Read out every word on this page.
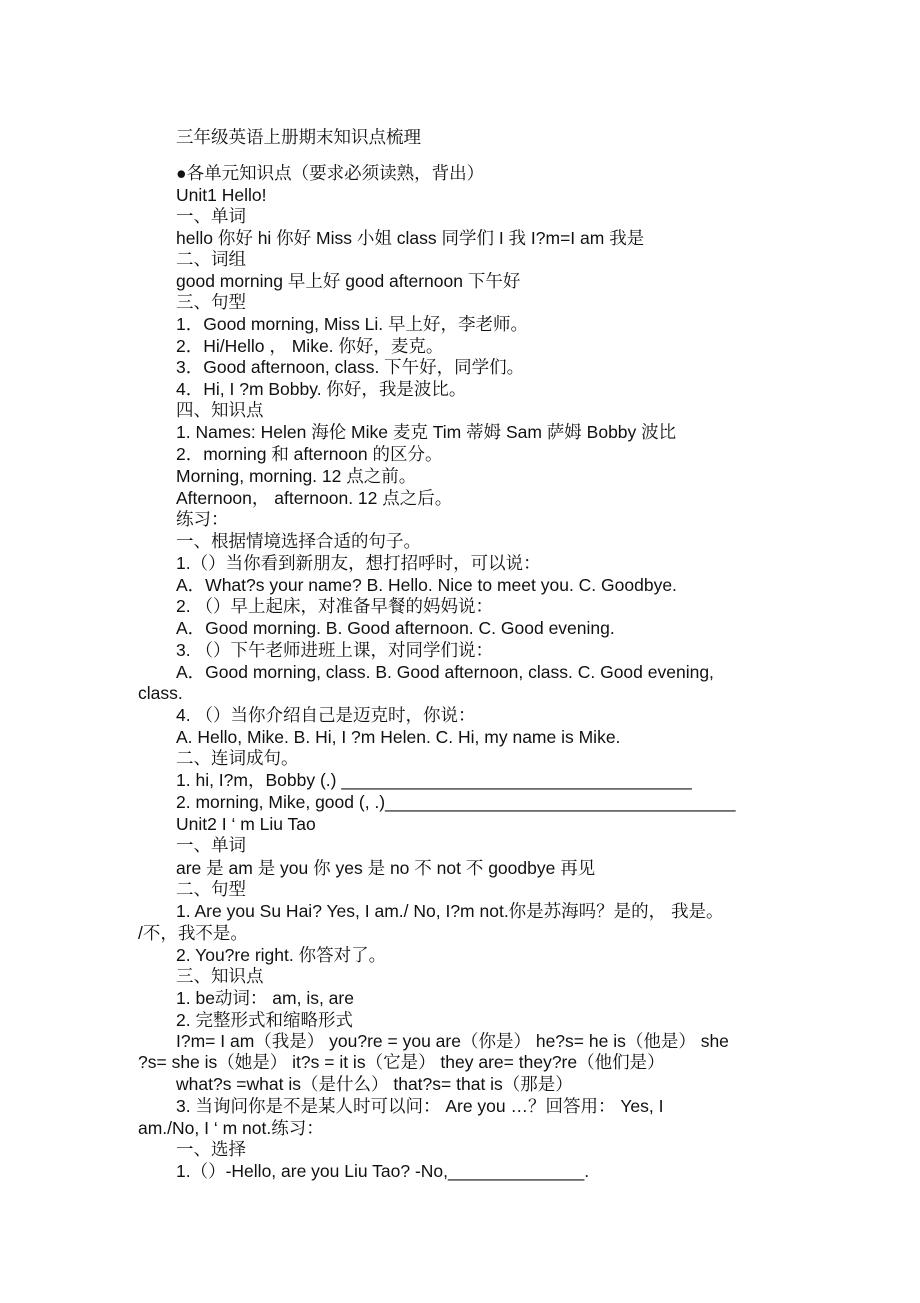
三年级英语上册期末知识点梳理
●各单元知识点（要求必须读熟，背出）
Unit1 Hello!
一、单词
hello 你好 hi 你好 Miss 小姐 class 同学们 I 我 I?m=I am 我是
二、词组
good morning 早上好 good afternoon 下午好
三、句型
1．Good morning, Miss Li. 早上好，李老师。
2．Hi/Hello ， Mike. 你好，麦克。
3．Good afternoon, class. 下午好，同学们。
4．Hi, I ?m Bobby. 你好，我是波比。
四、知识点
1. Names: Helen 海伦 Mike 麦克 Tim 蒂姆 Sam 萨姆 Bobby 波比
2．morning 和 afternoon 的区分。
Morning, morning. 12 点之前。
Afternoon， afternoon. 12 点之后。
练习：
一、根据情境选择合适的句子。
1.（）当你看到新朋友，想打招呼时，可以说：
A．What?s your name? B. Hello. Nice to meet you. C. Goodbye.
2. （）早上起床，对准备早餐的妈妈说：
A．Good morning. B. Good afternoon. C. Good evening.
3. （）下午老师进班上课，对同学们说：
A．Good morning, class. B. Good afternoon, class. C. Good evening,
class.
4. （）当你介绍自己是迈克时，你说：
A. Hello, Mike. B. Hi, I ?m Helen. C. Hi, my name is Mike.
二、连词成句。
1. hi, I?m，Bobby (.) ____________________________________
2. morning, Mike, good (, .)____________________________________
Unit2 I ‘ m Liu Tao
一、单词
are 是 am 是 you 你 yes 是 no 不 not 不 goodbye 再见
二、句型
1. Are you Su Hai? Yes, I am./ No, I?m not.你是苏海吗？是的， 我是。
/不，我不是。
2. You?re right. 你答对了。
三、知识点
1. be动词： am, is, are
2. 完整形式和缩略形式
I?m= I am（我是） you?re = you are（你是） he?s= he is（他是） she
?s= she is（她是） it?s = it is（它是） they are= they?re（他们是）
what?s =what is（是什么） that?s= that is（那是）
3. 当询问你是不是某人时可以问： Are you …？回答用： Yes, I
am./No, I ‘ m not.练习：
一、选择
1.（）-Hello, are you Liu Tao? -No,______________.
